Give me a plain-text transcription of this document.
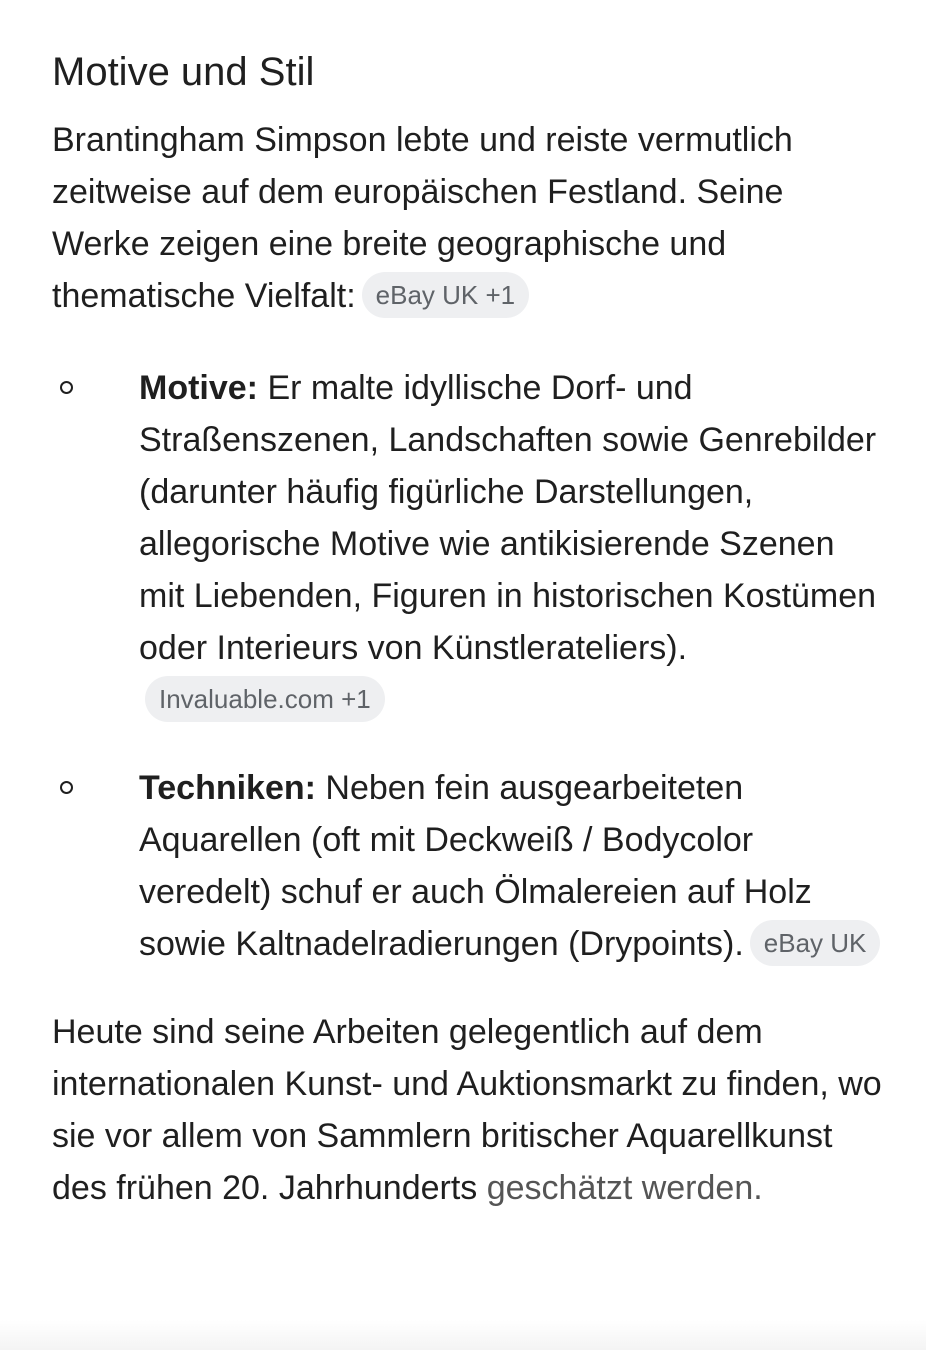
Motive und Stil

Brantingham Simpson lebte und reiste vermutlich zeitweise auf dem europäischen Festland. Seine Werke zeigen eine breite geographische und thematische Vielfalt: eBay UK +1

Motive: Er malte idyllische Dorf- und Straßenszenen, Landschaften sowie Genrebilder (darunter häufig figürliche Darstellungen, allegorische Motive wie antikisierende Szenen mit Liebenden, Figuren in historischen Kostümen oder Interieurs von Künstlerateliers).Invaluable.com +1
Techniken: Neben fein ausgearbeiteten Aquarellen (oft mit Deckweiß / Bodycolor veredelt) schuf er auch Ölmalereien auf Holz sowie Kaltnadelradierungen (Drypoints). eBay UK

Heute sind seine Arbeiten gelegentlich auf dem internationalen Kunst- und Auktionsmarkt zu finden, wo sie vor allem von Sammlern britischer Aquarellkunst des frühen 20. Jahrhunderts geschätzt werden.
